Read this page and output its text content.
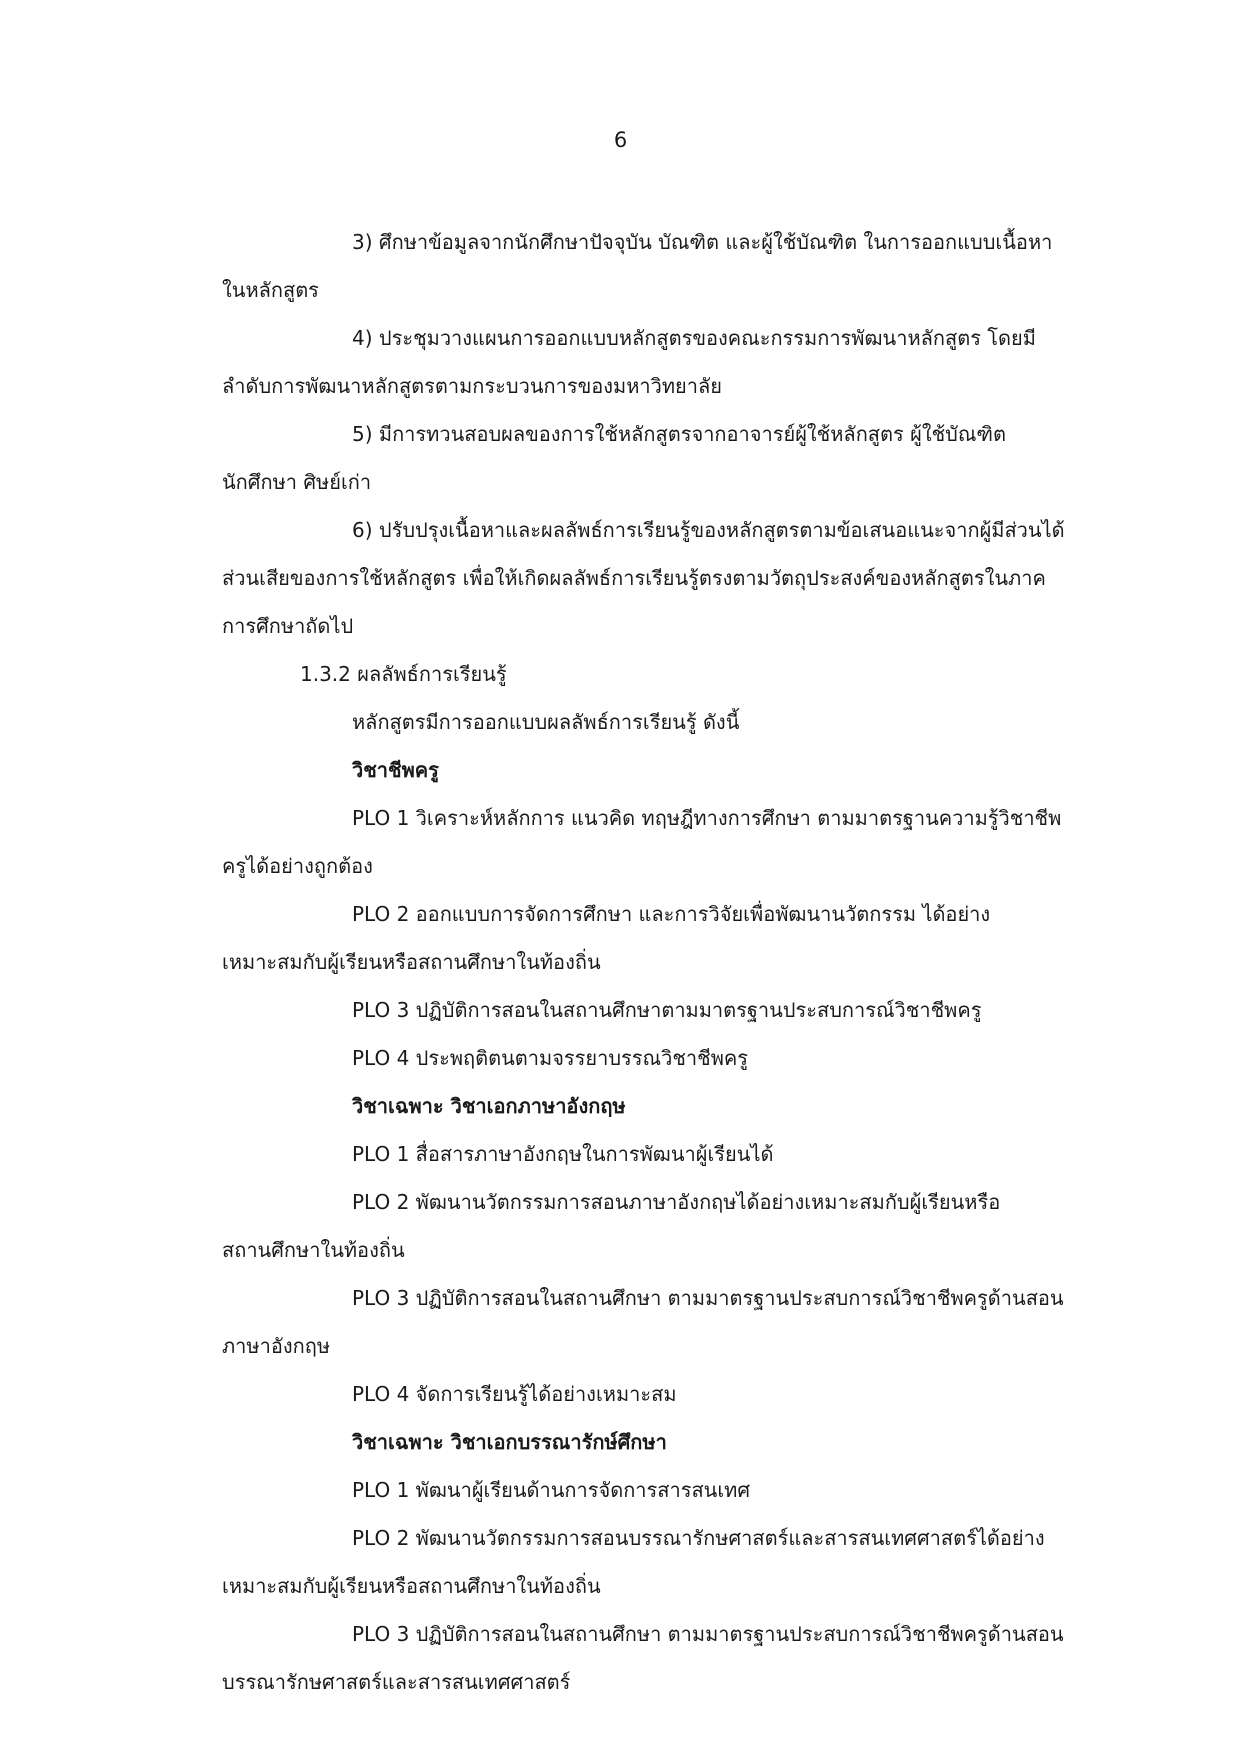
6
3) ศึกษาข้อมูลจากนักศึกษาปัจจุบัน บัณฑิต และผู้ใช้บัณฑิต ในการออกแบบเนื้อหา
ในหลักสูตร
4) ประชุมวางแผนการออกแบบหลักสูตรของคณะกรรมการพัฒนาหลักสูตร โดยมี
ลำดับการพัฒนาหลักสูตรตามกระบวนการของมหาวิทยาลัย
5) มีการทวนสอบผลของการใช้หลักสูตรจากอาจารย์ผู้ใช้หลักสูตร ผู้ใช้บัณฑิต
นักศึกษา ศิษย์เก่า
6) ปรับปรุงเนื้อหาและผลลัพธ์การเรียนรู้ของหลักสูตรตามข้อเสนอแนะจากผู้มีส่วนได้
ส่วนเสียของการใช้หลักสูตร เพื่อให้เกิดผลลัพธ์การเรียนรู้ตรงตามวัตถุประสงค์ของหลักสูตรในภาค
การศึกษาถัดไป
1.3.2 ผลลัพธ์การเรียนรู้
หลักสูตรมีการออกแบบผลลัพธ์การเรียนรู้ ดังนี้
วิชาชีพครู
PLO 1 วิเคราะห์หลักการ แนวคิด ทฤษฎีทางการศึกษา ตามมาตรฐานความรู้วิชาชีพ
ครูได้อย่างถูกต้อง
PLO 2 ออกแบบการจัดการศึกษา และการวิจัยเพื่อพัฒนานวัตกรรม ได้อย่าง
เหมาะสมกับผู้เรียนหรือสถานศึกษาในท้องถิ่น
PLO 3 ปฏิบัติการสอนในสถานศึกษาตามมาตรฐานประสบการณ์วิชาชีพครู
PLO 4 ประพฤติตนตามจรรยาบรรณวิชาชีพครู
วิชาเฉพาะ วิชาเอกภาษาอังกฤษ
PLO 1 สื่อสารภาษาอังกฤษในการพัฒนาผู้เรียนได้
PLO 2 พัฒนานวัตกรรมการสอนภาษาอังกฤษได้อย่างเหมาะสมกับผู้เรียนหรือ
สถานศึกษาในท้องถิ่น
PLO 3 ปฏิบัติการสอนในสถานศึกษา ตามมาตรฐานประสบการณ์วิชาชีพครูด้านสอน
ภาษาอังกฤษ
PLO 4 จัดการเรียนรู้ได้อย่างเหมาะสม
วิชาเฉพาะ วิชาเอกบรรณารักษ์ศึกษา
PLO 1 พัฒนาผู้เรียนด้านการจัดการสารสนเทศ
PLO 2 พัฒนานวัตกรรมการสอนบรรณารักษศาสตร์และสารสนเทศศาสตร์ได้อย่าง
เหมาะสมกับผู้เรียนหรือสถานศึกษาในท้องถิ่น
PLO 3 ปฏิบัติการสอนในสถานศึกษา ตามมาตรฐานประสบการณ์วิชาชีพครูด้านสอน
บรรณารักษศาสตร์และสารสนเทศศาสตร์
